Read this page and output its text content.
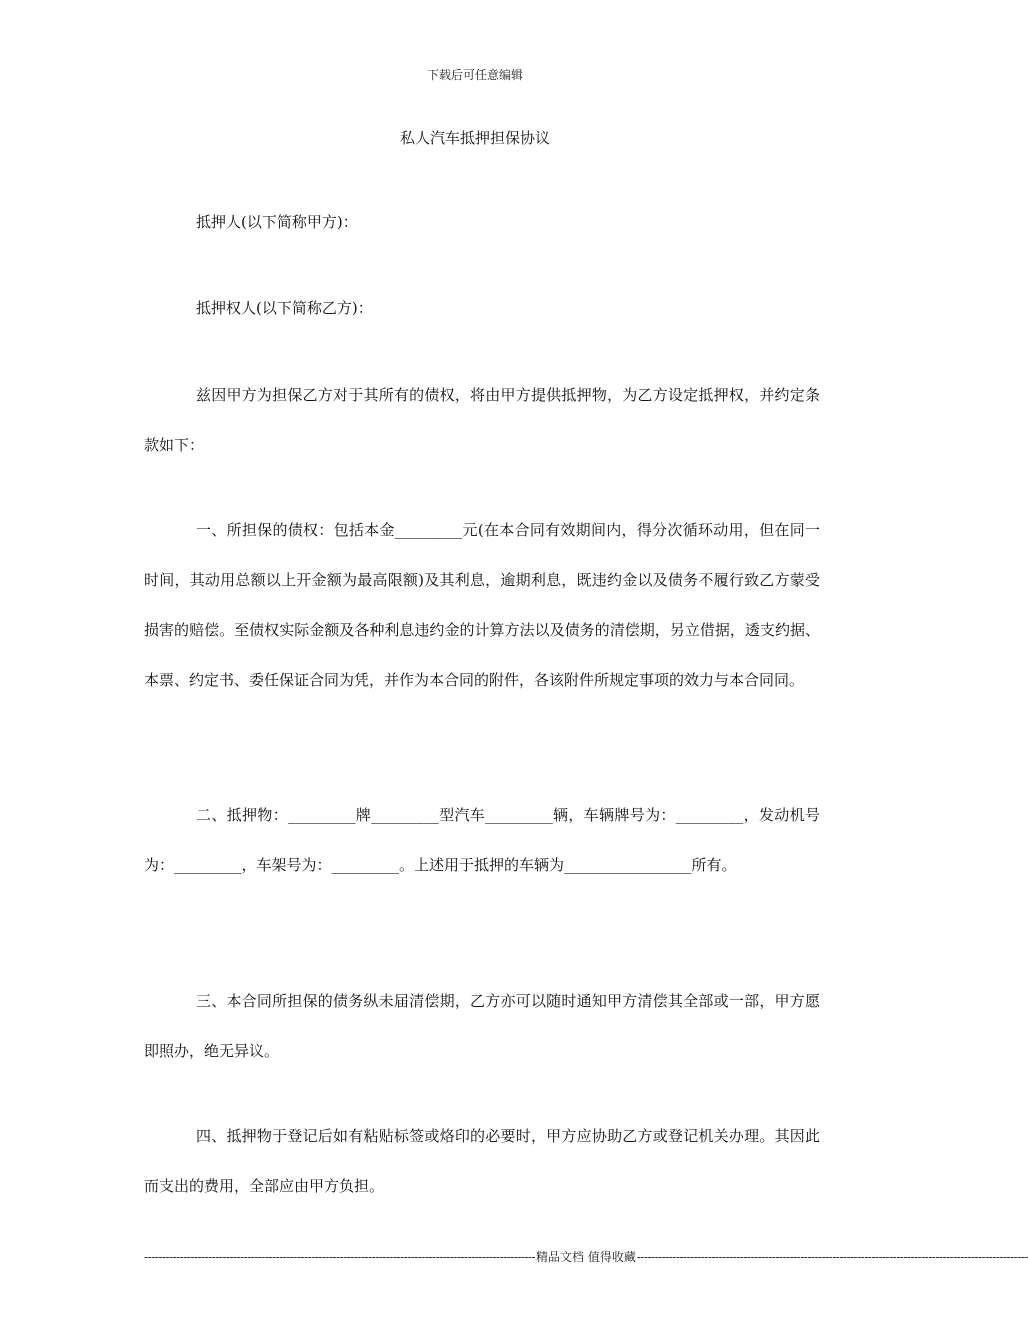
下载后可任意编辑
私人汽车抵押担保协议

抵押人(以下简称甲方)：

抵押权人(以下简称乙方)：

兹因甲方为担保乙方对于其所有的债权，将由甲方提供抵押物，为乙方设定抵押权，并约定条款如下：

一、所担保的债权：包括本金_________元(在本合同有效期间内，得分次循环动用，但在同一时间，其动用总额以上开金额为最高限额)及其利息，逾期利息，既违约金以及债务不履行致乙方蒙受损害的赔偿。至债权实际金额及各种利息违约金的计算方法以及债务的清偿期，另立借据，透支约据、本票、约定书、委任保证合同为凭，并作为本合同的附件，各该附件所规定事项的效力与本合同同。

二、抵押物：_________牌_________型汽车_________辆，车辆牌号为：_________，发动机号为：_________，车架号为：_________。上述用于抵押的车辆为_________________所有。

三、本合同所担保的债务纵未届清偿期，乙方亦可以随时通知甲方清偿其全部或一部，甲方愿即照办，绝无异议。

四、抵押物于登记后如有粘贴标签或烙印的必要时，甲方应协助乙方或登记机关办理。其因此而支出的费用，全部应由甲方负担。

-------------------------------------------------------------------------------------------------------------- 精品文档 值得收藏 --------------------------------------------------------------------------------------------------------------
